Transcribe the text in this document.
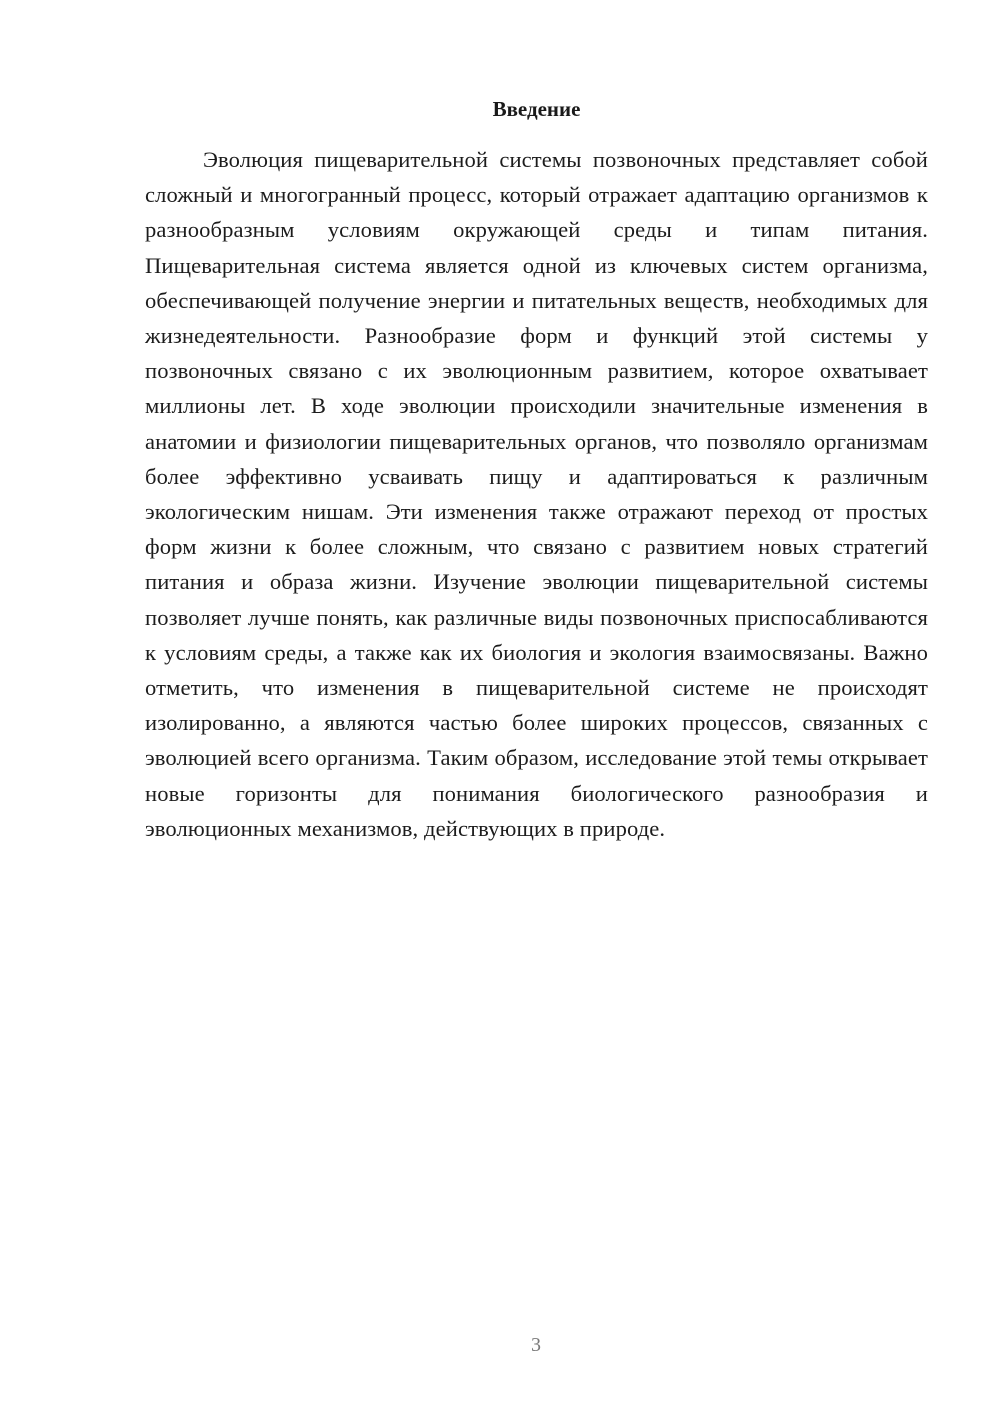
Введение

Эволюция пищеварительной системы позвоночных представляет собой сложный и многогранный процесс, который отражает адаптацию организмов к разнообразным условиям окружающей среды и типам питания. Пищеварительная система является одной из ключевых систем организма, обеспечивающей получение энергии и питательных веществ, необходимых для жизнедеятельности. Разнообразие форм и функций этой системы у позвоночных связано с их эволюционным развитием, которое охватывает миллионы лет. В ходе эволюции происходили значительные изменения в анатомии и физиологии пищеварительных органов, что позволяло организмам более эффективно усваивать пищу и адаптироваться к различным экологическим нишам. Эти изменения также отражают переход от простых форм жизни к более сложным, что связано с развитием новых стратегий питания и образа жизни. Изучение эволюции пищеварительной системы позволяет лучше понять, как различные виды позвоночных приспосабливаются к условиям среды, а также как их биология и экология взаимосвязаны. Важно отметить, что изменения в пищеварительной системе не происходят изолированно, а являются частью более широких процессов, связанных с эволюцией всего организма. Таким образом, исследование этой темы открывает новые горизонты для понимания биологического разнообразия и эволюционных механизмов, действующих в природе.

3
